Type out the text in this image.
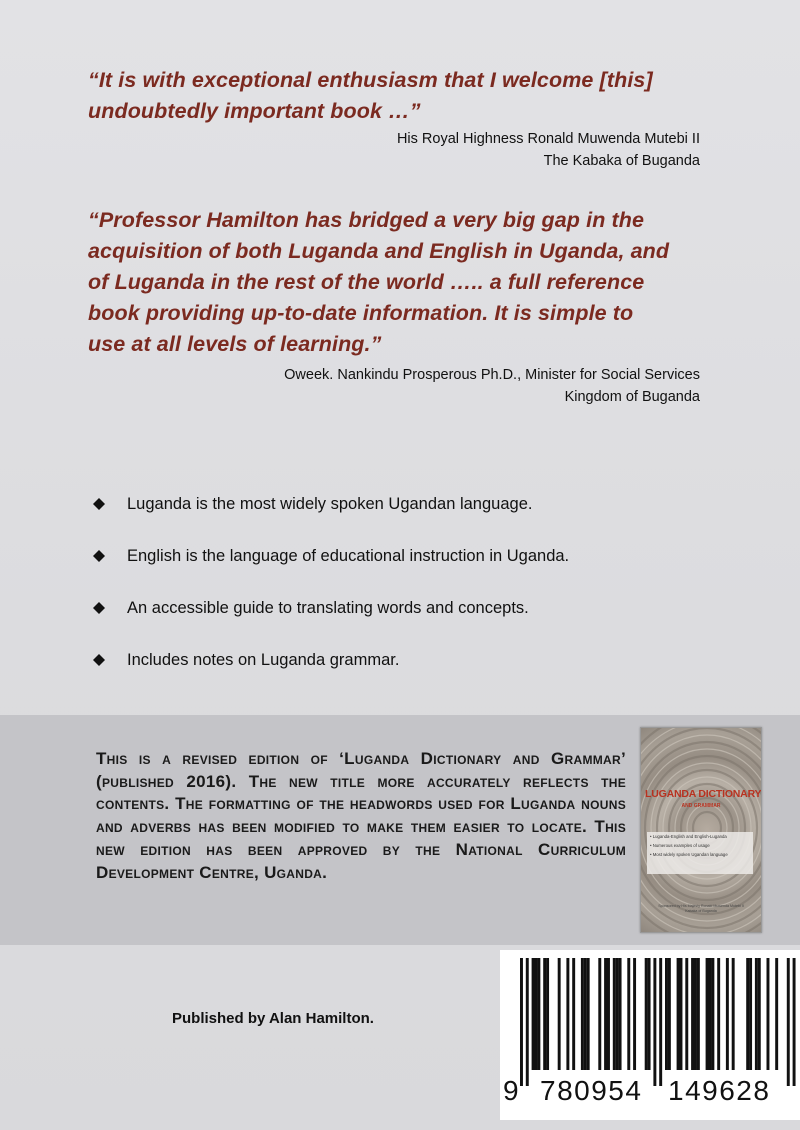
“It is with exceptional enthusiasm that I welcome [this]
undoubtedly important book …”
His Royal Highness Ronald Muwenda Mutebi II
The Kabaka of Buganda
“Professor Hamilton has bridged a very big gap in the
acquisition of both Luganda and English in Uganda, and
of Luganda in the rest of the world ….. a full reference
book providing up-to-date information. It is simple to
use at all levels of learning.”
Oweek. Nankindu Prosperous Ph.D., Minister for Social Services
Kingdom of Buganda
Luganda is the most widely spoken Ugandan language.
English is the language of educational instruction in Uganda.
An accessible guide to translating words and concepts.
Includes notes on Luganda grammar.
This is a revised edition of ‘Luganda Dictionary and Grammar’ (published 2016). The new title more accurately reflects the contents. The formatting of the headwords used for Luganda nouns and adverbs has been modified to make them easier to locate. This new edition has been approved by the National Curriculum Development Centre, Uganda.
LUGANDA DICTIONARY
AND GRAMMAR
• Luganda-English and English-Luganda
• Numerous examples of usage
• Most widely spoken Ugandan language
Sponsored by His Majesty Ronald Muwenda Mutebi II
Kabaka of Buganda
9 780954 149628
Published by Alan Hamilton.
